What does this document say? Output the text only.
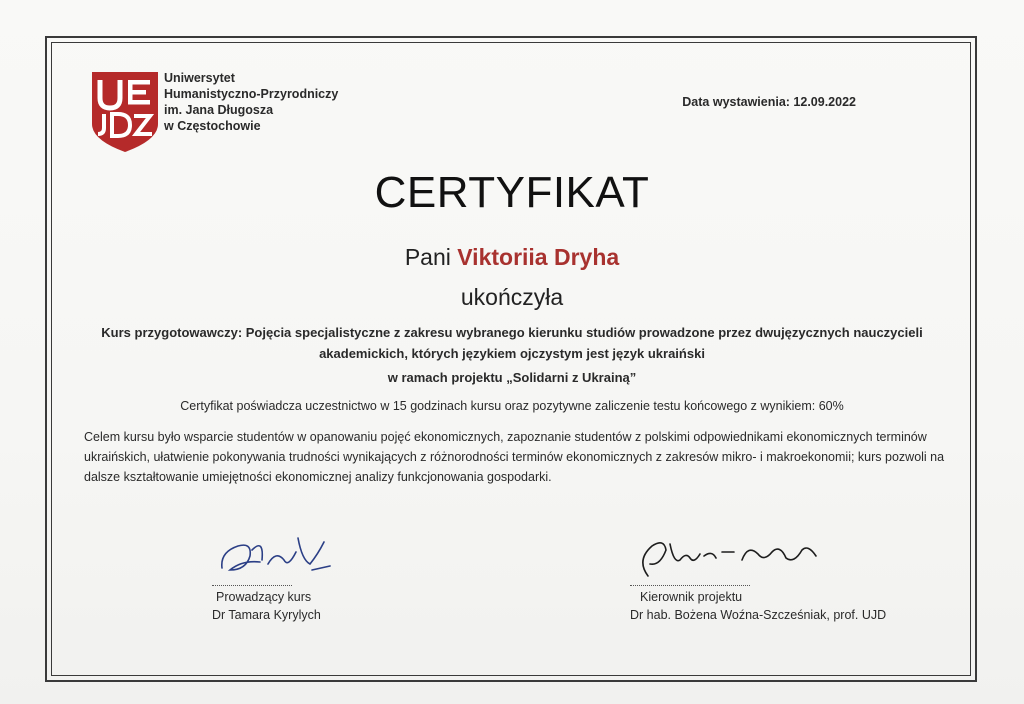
Uniwersytet
Humanistyczno-Przyrodniczy
im. Jana Długosza
w Częstochowie
Data wystawienia: 12.09.2022
CERTYFIKAT
Pani Viktoriia Dryha
ukończyła
Kurs przygotowawczy: Pojęcia specjalistyczne z zakresu wybranego kierunku studiów prowadzone przez dwujęzycznych nauczycieli
akademickich, których językiem ojczystym jest język ukraiński
w ramach projektu „Solidarni z Ukrainą”
Certyfikat poświadcza uczestnictwo w 15 godzinach kursu oraz pozytywne zaliczenie testu końcowego z wynikiem: 60%
Celem kursu było wsparcie studentów w opanowaniu pojęć ekonomicznych, zapoznanie studentów z polskimi odpowiednikami ekonomicznych terminów
ukraińskich, ułatwienie pokonywania trudności wynikających z różnorodności terminów ekonomicznych z zakresów mikro- i makroekonomii; kurs pozwoli na
dalsze kształtowanie umiejętności ekonomicznej analizy funkcjonowania gospodarki.
Prowadzący kurs
Dr Tamara Kyrylych
Kierownik projektu
Dr hab. Bożena Woźna-Szcześniak, prof. UJD
